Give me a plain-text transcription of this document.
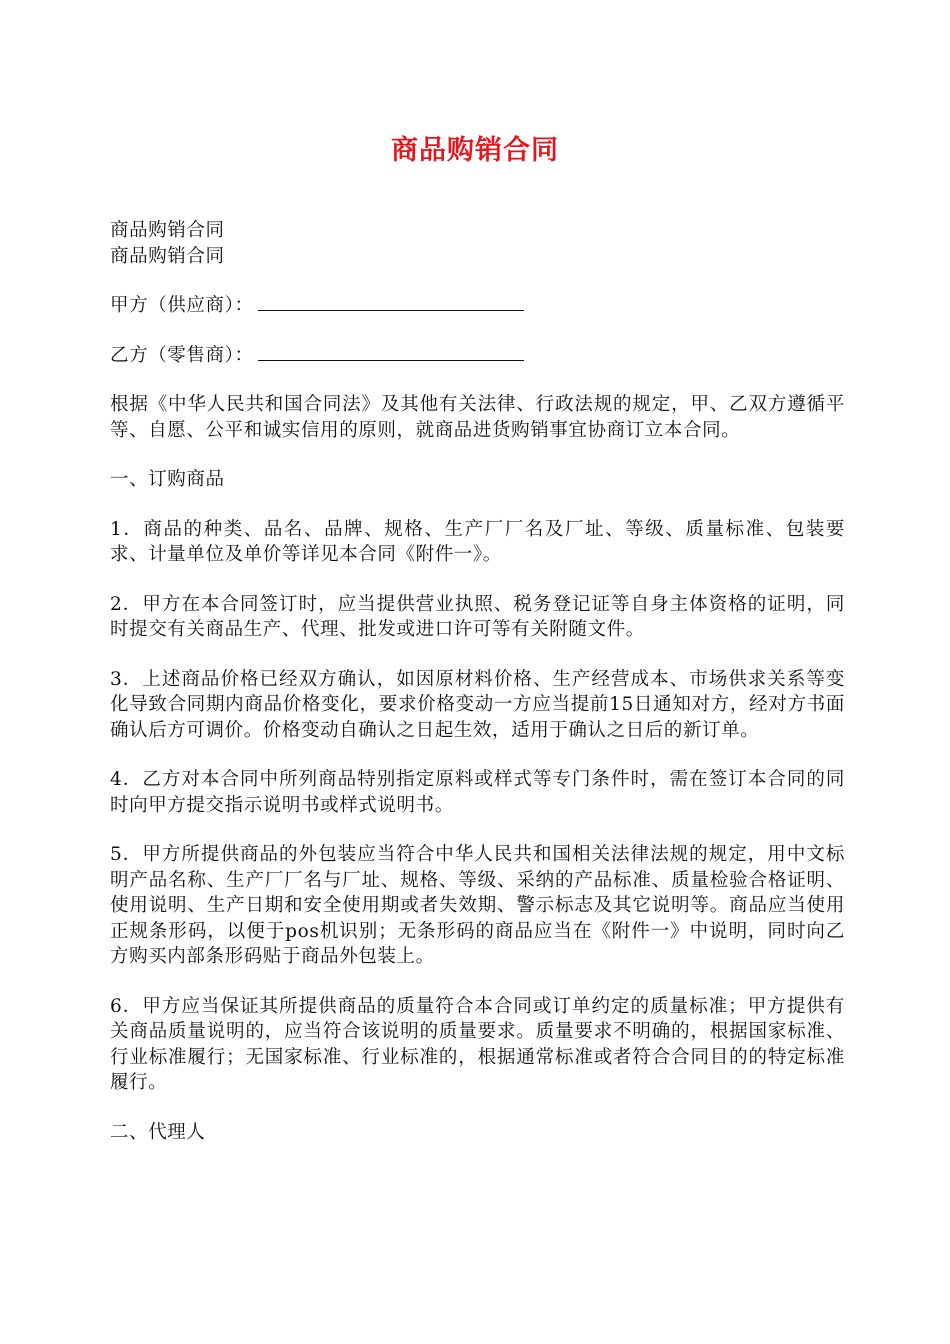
商品购销合同

商品购销合同

商品购销合同

甲方（供应商）：

乙方（零售商）：

根据《中华人民共和国合同法》及其他有关法律、行政法规的规定，甲、乙双方遵循平等、自愿、公平和诚实信用的原则，就商品进货购销事宜协商订立本合同。

一、订购商品

1．商品的种类、品名、品牌、规格、生产厂厂名及厂址、等级、质量标准、包装要求、计量单位及单价等详见本合同《附件一》。

2．甲方在本合同签订时，应当提供营业执照、税务登记证等自身主体资格的证明，同时提交有关商品生产、代理、批发或进口许可等有关附随文件。

3．上述商品价格已经双方确认，如因原材料价格、生产经营成本、市场供求关系等变化导致合同期内商品价格变化，要求价格变动一方应当提前15日通知对方，经对方书面确认后方可调价。价格变动自确认之日起生效，适用于确认之日后的新订单。

4．乙方对本合同中所列商品特别指定原料或样式等专门条件时，需在签订本合同的同时向甲方提交指示说明书或样式说明书。

5．甲方所提供商品的外包装应当符合中华人民共和国相关法律法规的规定，用中文标明产品名称、生产厂厂名与厂址、规格、等级、采纳的产品标准、质量检验合格证明、使用说明、生产日期和安全使用期或者失效期、警示标志及其它说明等。商品应当使用正规条形码，以便于pos机识别；无条形码的商品应当在《附件一》中说明，同时向乙方购买内部条形码贴于商品外包装上。

6．甲方应当保证其所提供商品的质量符合本合同或订单约定的质量标准；甲方提供有关商品质量说明的，应当符合该说明的质量要求。质量要求不明确的，根据国家标准、行业标准履行；无国家标准、行业标准的，根据通常标准或者符合合同目的的特定标准履行。

二、代理人
